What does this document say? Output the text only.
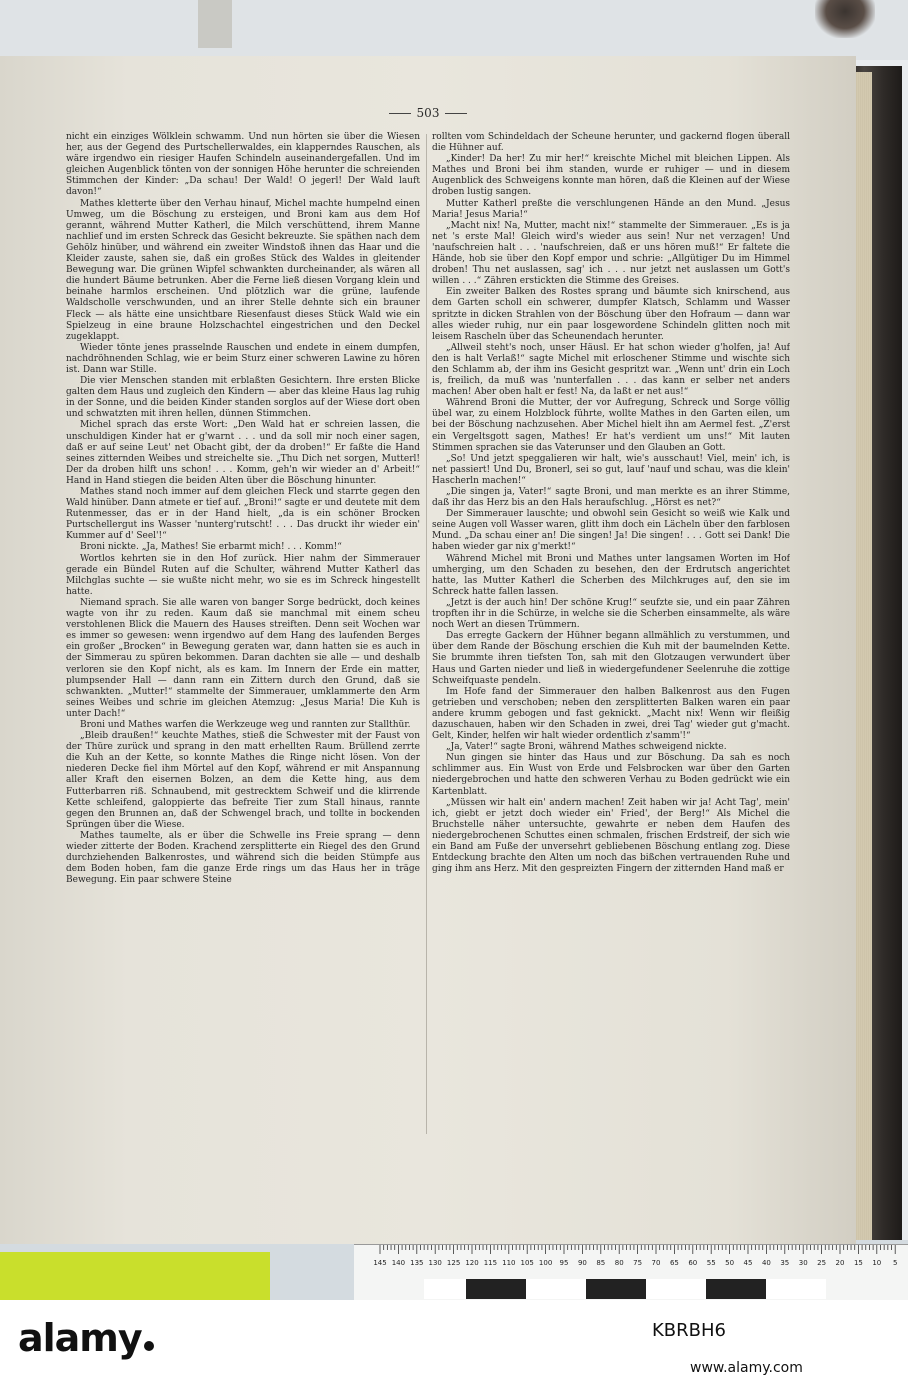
503

nicht ein einziges Wölklein schwamm. Und nun hörten sie über die Wiesen her, aus der Gegend des Purtschellerwaldes, ein klapperndes Rauschen, als wäre irgendwo ein riesiger Haufen Schindeln auseinandergefallen. Und im gleichen Augenblick tönten von der sonnigen Höhe herunter die schreienden Stimmchen der Kinder: „Da schau! Der Wald! O jegerl! Der Wald lauft davon!“

Mathes kletterte über den Verhau hinauf, Michel machte humpelnd einen Umweg, um die Böschung zu ersteigen, und Broni kam aus dem Hof gerannt, während Mutter Katherl, die Milch verschüttend, ihrem Manne nachlief und im ersten Schreck das Gesicht bekreuzte. Sie späthen nach dem Gehölz hinüber, und während ein zweiter Windstoß ihnen das Haar und die Kleider zauste, sahen sie, daß ein großes Stück des Waldes in gleitender Bewegung war. Die grünen Wipfel schwankten durcheinander, als wären all die hundert Bäume betrunken. Aber die Ferne ließ diesen Vorgang klein und beinahe harmlos erscheinen. Und plötzlich war die grüne, laufende Waldscholle verschwunden, und an ihrer Stelle dehnte sich ein brauner Fleck — als hätte eine unsichtbare Riesenfaust dieses Stück Wald wie ein Spielzeug in eine braune Holzschachtel eingestrichen und den Deckel zugeklappt.

Wieder tönte jenes prasselnde Rauschen und endete in einem dumpfen, nachdröhnenden Schlag, wie er beim Sturz einer schweren Lawine zu hören ist. Dann war Stille.

Die vier Menschen standen mit erblaßten Gesichtern. Ihre ersten Blicke galten dem Haus und zugleich den Kindern — aber das kleine Haus lag ruhig in der Sonne, und die beiden Kinder standen sorglos auf der Wiese dort oben und schwatzten mit ihren hellen, dünnen Stimmchen.

Michel sprach das erste Wort: „Den Wald hat er schreien lassen, die unschuldigen Kinder hat er g'warnt . . . und da soll mir noch einer sagen, daß er auf seine Leut' net Obacht gibt, der da droben!“ Er faßte die Hand seines zitternden Weibes und streichelte sie. „Thu Dich net sorgen, Mutterl! Der da droben hilft uns schon! . . . Komm, geh'n wir wieder an d' Arbeit!“ Hand in Hand stiegen die beiden Alten über die Böschung hinunter.

Mathes stand noch immer auf dem gleichen Fleck und starrte gegen den Wald hinüber. Dann atmete er tief auf. „Broni!“ sagte er und deutete mit dem Rutenmesser, das er in der Hand hielt, „da is ein schöner Brocken Purtschellergut ins Wasser 'nunterg'rutscht! . . . Das druckt ihr wieder ein' Kummer auf d' Seel'!“

Broni nickte. „Ja, Mathes! Sie erbarmt mich! . . . Komm!“

Wortlos kehrten sie in den Hof zurück. Hier nahm der Simmerauer gerade ein Bündel Ruten auf die Schulter, während Mutter Katherl das Milchglas suchte — sie wußte nicht mehr, wo sie es im Schreck hingestellt hatte.

Niemand sprach. Sie alle waren von banger Sorge bedrückt, doch keines wagte von ihr zu reden. Kaum daß sie manchmal mit einem scheu verstohlenen Blick die Mauern des Hauses streiften. Denn seit Wochen war es immer so gewesen: wenn irgendwo auf dem Hang des laufenden Berges ein großer „Brocken“ in Bewegung geraten war, dann hatten sie es auch in der Simmerau zu spüren bekommen. Daran dachten sie alle — und deshalb verloren sie den Kopf nicht, als es kam. Im Innern der Erde ein matter, plumpsender Hall — dann rann ein Zittern durch den Grund, daß sie schwankten. „Mutter!“ stammelte der Simmerauer, umklammerte den Arm seines Weibes und schrie im gleichen Atemzug: „Jesus Maria! Die Kuh is unter Dach!“

Broni und Mathes warfen die Werkzeuge weg und rannten zur Stallthür.

„Bleib draußen!“ keuchte Mathes, stieß die Schwester mit der Faust von der Thüre zurück und sprang in den matt erhellten Raum. Brüllend zerrte die Kuh an der Kette, so konnte Mathes die Ringe nicht lösen. Von der niederen Decke fiel ihm Mörtel auf den Kopf, während er mit Anspannung aller Kraft den eisernen Bolzen, an dem die Kette hing, aus dem Futterbarren riß. Schnaubend, mit gestrecktem Schweif und die klirrende Kette schleifend, galoppierte das befreite Tier zum Stall hinaus, rannte gegen den Brunnen an, daß der Schwengel brach, und tollte in bockenden Sprüngen über die Wiese.

Mathes taumelte, als er über die Schwelle ins Freie sprang — denn wieder zitterte der Boden. Krachend zersplitterte ein Riegel des den Grund durchziehenden Balkenrostes, und während sich die beiden Stümpfe aus dem Boden hoben, fam die ganze Erde rings um das Haus her in träge Bewegung. Ein paar schwere Steine

rollten vom Schindeldach der Scheune herunter, und gackernd flogen überall die Hühner auf.

„Kinder! Da her! Zu mir her!“ kreischte Michel mit bleichen Lippen. Als Mathes und Broni bei ihm standen, wurde er ruhiger — und in diesem Augenblick des Schweigens konnte man hören, daß die Kleinen auf der Wiese droben lustig sangen.

Mutter Katherl preßte die verschlungenen Hände an den Mund. „Jesus Maria! Jesus Maria!“

„Macht nix! Na, Mutter, macht nix!“ stammelte der Simmerauer. „Es is ja net 's erste Mal! Gleich wird's wieder aus sein! Nur net verzagen! Und 'naufschreien halt . . . 'naufschreien, daß er uns hören muß!“ Er faltete die Hände, hob sie über den Kopf empor und schrie: „Allgütiger Du im Himmel droben! Thu net auslassen, sag' ich . . . nur jetzt net auslassen um Gott's willen . . .“ Zähren erstickten die Stimme des Greises.

Ein zweiter Balken des Rostes sprang und bäumte sich knirschend, aus dem Garten scholl ein schwerer, dumpfer Klatsch, Schlamm und Wasser spritzte in dicken Strahlen von der Böschung über den Hofraum — dann war alles wieder ruhig, nur ein paar losgewordene Schindeln glitten noch mit leisem Rascheln über das Scheunendach herunter.

„Allweil steht's noch, unser Häusl. Er hat schon wieder g'holfen, ja! Auf den is halt Verlaß!“ sagte Michel mit erloschener Stimme und wischte sich den Schlamm ab, der ihm ins Gesicht gespritzt war. „Wenn unt' drin ein Loch is, freilich, da muß was 'nunterfallen . . . das kann er selber net anders machen! Aber oben halt er fest! Na, da laßt er net aus!“

Während Broni die Mutter, der vor Aufregung, Schreck und Sorge völlig übel war, zu einem Holzblock führte, wollte Mathes in den Garten eilen, um bei der Böschung nachzusehen. Aber Michel hielt ihn am Aermel fest. „Z'erst ein Vergeltsgott sagen, Mathes! Er hat's verdient um uns!“ Mit lauten Stimmen sprachen sie das Vaterunser und den Glauben an Gott.

„So! Und jetzt speggalieren wir halt, wie's ausschaut! Viel, mein' ich, is net passiert! Und Du, Bronerl, sei so gut, lauf 'nauf und schau, was die klein' Hascherln machen!“

„Die singen ja, Vater!“ sagte Broni, und man merkte es an ihrer Stimme, daß ihr das Herz bis an den Hals heraufschlug. „Hörst es net?“

Der Simmerauer lauschte; und obwohl sein Gesicht so weiß wie Kalk und seine Augen voll Wasser waren, glitt ihm doch ein Lächeln über den farblosen Mund. „Da schau einer an! Die singen! Ja! Die singen! . . . Gott sei Dank! Die haben wieder gar nix g'merkt!“

Während Michel mit Broni und Mathes unter langsamen Worten im Hof umherging, um den Schaden zu besehen, den der Erdrutsch angerichtet hatte, las Mutter Katherl die Scherben des Milchkruges auf, den sie im Schreck hatte fallen lassen.

„Jetzt is der auch hin! Der schöne Krug!“ seufzte sie, und ein paar Zähren tropften ihr in die Schürze, in welche sie die Scherben einsammelte, als wäre noch Wert an diesen Trümmern.

Das erregte Gackern der Hühner begann allmählich zu verstummen, und über dem Rande der Böschung erschien die Kuh mit der baumelnden Kette. Sie brummte ihren tiefsten Ton, sah mit den Glotzaugen verwundert über Haus und Garten nieder und ließ in wiedergefundener Seelenruhe die zottige Schweifquaste pendeln.

Im Hofe fand der Simmerauer den halben Balkenrost aus den Fugen getrieben und verschoben; neben den zersplitterten Balken waren ein paar andere krumm gebogen und fast geknickt. „Macht nix! Wenn wir fleißig dazuschauen, haben wir den Schaden in zwei, drei Tag' wieder gut g'macht. Gelt, Kinder, helfen wir halt wieder ordentlich z'samm'!“

„Ja, Vater!“ sagte Broni, während Mathes schweigend nickte.

Nun gingen sie hinter das Haus und zur Böschung. Da sah es noch schlimmer aus. Ein Wust von Erde und Felsbrocken war über den Garten niedergebrochen und hatte den schweren Verhau zu Boden gedrückt wie ein Kartenblatt.

„Müssen wir halt ein' andern machen! Zeit haben wir ja! Acht Tag', mein' ich, giebt er jetzt doch wieder ein' Fried', der Berg!“ Als Michel die Bruchstelle näher untersuchte, gewahrte er neben dem Haufen des niedergebrochenen Schuttes einen schmalen, frischen Erdstreif, der sich wie ein Band am Fuße der unversehrt gebliebenen Böschung entlang zog. Diese Entdeckung brachte den Alten um noch das bißchen vertrauenden Ruhe und ging ihm ans Herz. Mit den gespreizten Fingern der zitternden Hand maß er

145 140 135 130 125 120 115 110 105 100 95 90 85 80 75 70 65 60 55 50 45 40 35 30 25 20 15 10 5
alamy	KBRBH6
www.alamy.com
